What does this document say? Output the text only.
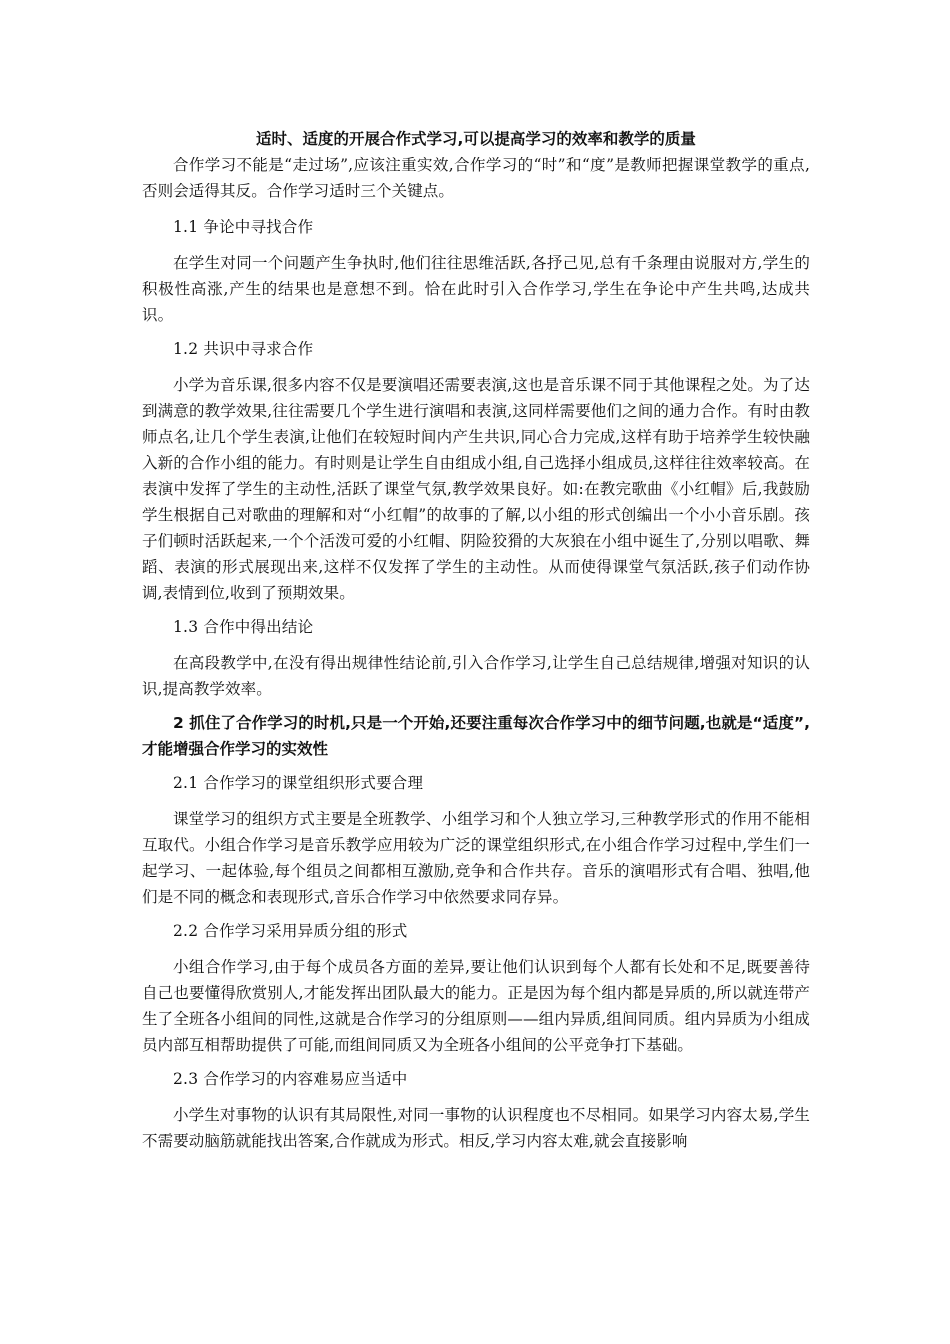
适时、适度的开展合作式学习,可以提高学习的效率和教学的质量

合作学习不能是“走过场”,应该注重实效,合作学习的“时”和“度”是教师把握课堂教学的重点,否则会适得其反。合作学习适时三个关键点。

1.1 争论中寻找合作

在学生对同一个问题产生争执时,他们往往思维活跃,各抒己见,总有千条理由说服对方,学生的积极性高涨,产生的结果也是意想不到。恰在此时引入合作学习,学生在争论中产生共鸣,达成共识。

1.2 共识中寻求合作

小学为音乐课,很多内容不仅是要演唱还需要表演,这也是音乐课不同于其他课程之处。为了达到满意的教学效果,往往需要几个学生进行演唱和表演,这同样需要他们之间的通力合作。有时由教师点名,让几个学生表演,让他们在较短时间内产生共识,同心合力完成,这样有助于培养学生较快融入新的合作小组的能力。有时则是让学生自由组成小组,自己选择小组成员,这样往往效率较高。在表演中发挥了学生的主动性,活跃了课堂气氛,教学效果良好。如:在教完歌曲《小红帽》后,我鼓励学生根据自己对歌曲的理解和对“小红帽”的故事的了解,以小组的形式创编出一个小小音乐剧。孩子们顿时活跃起来,一个个活泼可爱的小红帽、阴险狡猾的大灰狼在小组中诞生了,分别以唱歌、舞蹈、表演的形式展现出来,这样不仅发挥了学生的主动性。从而使得课堂气氛活跃,孩子们动作协调,表情到位,收到了预期效果。

1.3 合作中得出结论

在高段教学中,在没有得出规律性结论前,引入合作学习,让学生自己总结规律,增强对知识的认识,提高教学效率。

2 抓住了合作学习的时机,只是一个开始,还要注重每次合作学习中的细节问题,也就是“适度”,才能增强合作学习的实效性

2.1 合作学习的课堂组织形式要合理

课堂学习的组织方式主要是全班教学、小组学习和个人独立学习,三种教学形式的作用不能相互取代。小组合作学习是音乐教学应用较为广泛的课堂组织形式,在小组合作学习过程中,学生们一起学习、一起体验,每个组员之间都相互激励,竞争和合作共存。音乐的演唱形式有合唱、独唱,他们是不同的概念和表现形式,音乐合作学习中依然要求同存异。

2.2 合作学习采用异质分组的形式

小组合作学习,由于每个成员各方面的差异,要让他们认识到每个人都有长处和不足,既要善待自己也要懂得欣赏别人,才能发挥出团队最大的能力。正是因为每个组内都是异质的,所以就连带产生了全班各小组间的同性,这就是合作学习的分组原则——组内异质,组间同质。组内异质为小组成员内部互相帮助提供了可能,而组间同质又为全班各小组间的公平竞争打下基础。

2.3 合作学习的内容难易应当适中

小学生对事物的认识有其局限性,对同一事物的认识程度也不尽相同。如果学习内容太易,学生不需要动脑筋就能找出答案,合作就成为形式。相反,学习内容太难,就会直接影响
